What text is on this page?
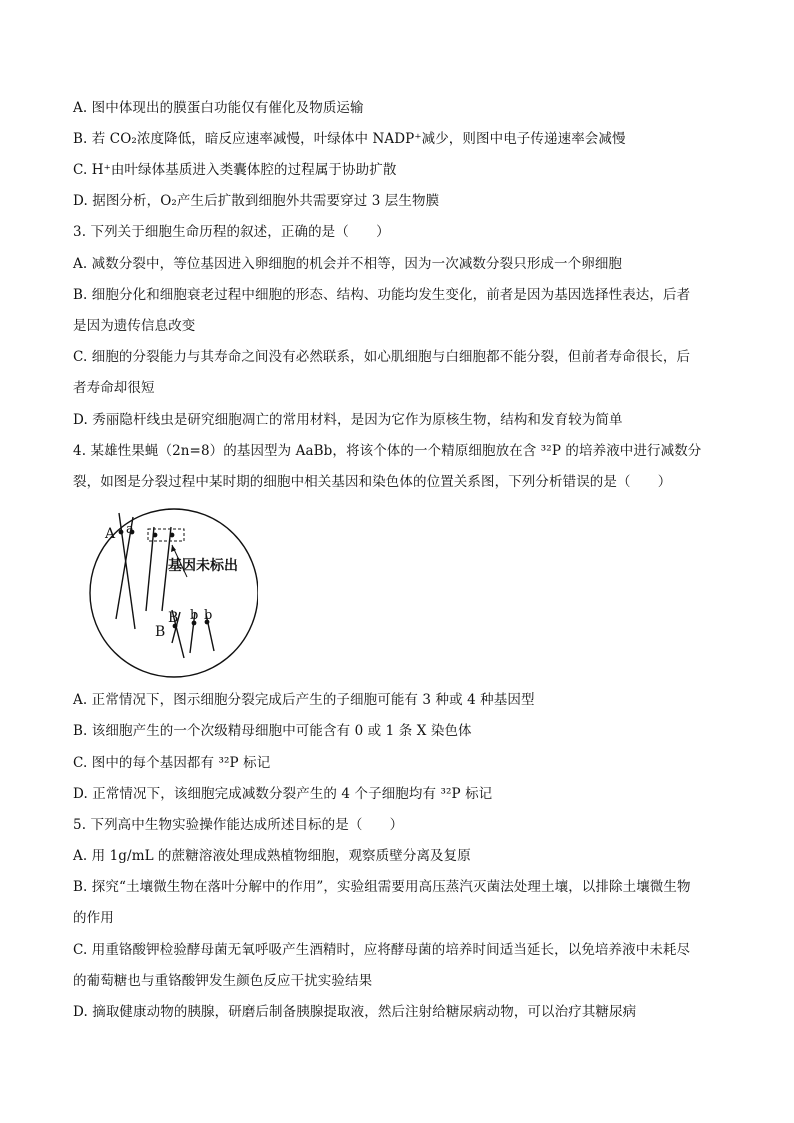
A. 图中体现出的膜蛋白功能仅有催化及物质运输
B. 若 CO₂浓度降低，暗反应速率减慢，叶绿体中 NADP⁺减少，则图中电子传递速率会减慢
C. H⁺由叶绿体基质进入类囊体腔的过程属于协助扩散
D. 据图分析，O₂产生后扩散到细胞外共需要穿过 3 层生物膜
3. 下列关于细胞生命历程的叙述，正确的是（　　）
A. 减数分裂中，等位基因进入卵细胞的机会并不相等，因为一次减数分裂只形成一个卵细胞
B. 细胞分化和细胞衰老过程中细胞的形态、结构、功能均发生变化，前者是因为基因选择性表达，后者
是因为遗传信息改变
C. 细胞的分裂能力与其寿命之间没有必然联系，如心肌细胞与白细胞都不能分裂，但前者寿命很长，后
者寿命却很短
D. 秀丽隐杆线虫是研究细胞凋亡的常用材料，是因为它作为原核生物，结构和发育较为简单
4. 某雄性果蝇（2n=8）的基因型为 AaBb，将该个体的一个精原细胞放在含 ³²P 的培养液中进行减数分
裂，如图是分裂过程中某时期的细胞中相关基因和染色体的位置关系图，下列分析错误的是（　　）
A a
基因未标出
B
B
b b
A. 正常情况下，图示细胞分裂完成后产生的子细胞可能有 3 种或 4 种基因型
B. 该细胞产生的一个次级精母细胞中可能含有 0 或 1 条 X 染色体
C. 图中的每个基因都有 ³²P 标记
D. 正常情况下，该细胞完成减数分裂产生的 4 个子细胞均有 ³²P 标记
5. 下列高中生物实验操作能达成所述目标的是（　　）
A. 用 1g/mL 的蔗糖溶液处理成熟植物细胞，观察质壁分离及复原
B. 探究“土壤微生物在落叶分解中的作用”，实验组需要用高压蒸汽灭菌法处理土壤，以排除土壤微生物
的作用
C. 用重铬酸钾检验酵母菌无氧呼吸产生酒精时，应将酵母菌的培养时间适当延长，以免培养液中未耗尽
的葡萄糖也与重铬酸钾发生颜色反应干扰实验结果
D. 摘取健康动物的胰腺，研磨后制备胰腺提取液，然后注射给糖尿病动物，可以治疗其糖尿病
